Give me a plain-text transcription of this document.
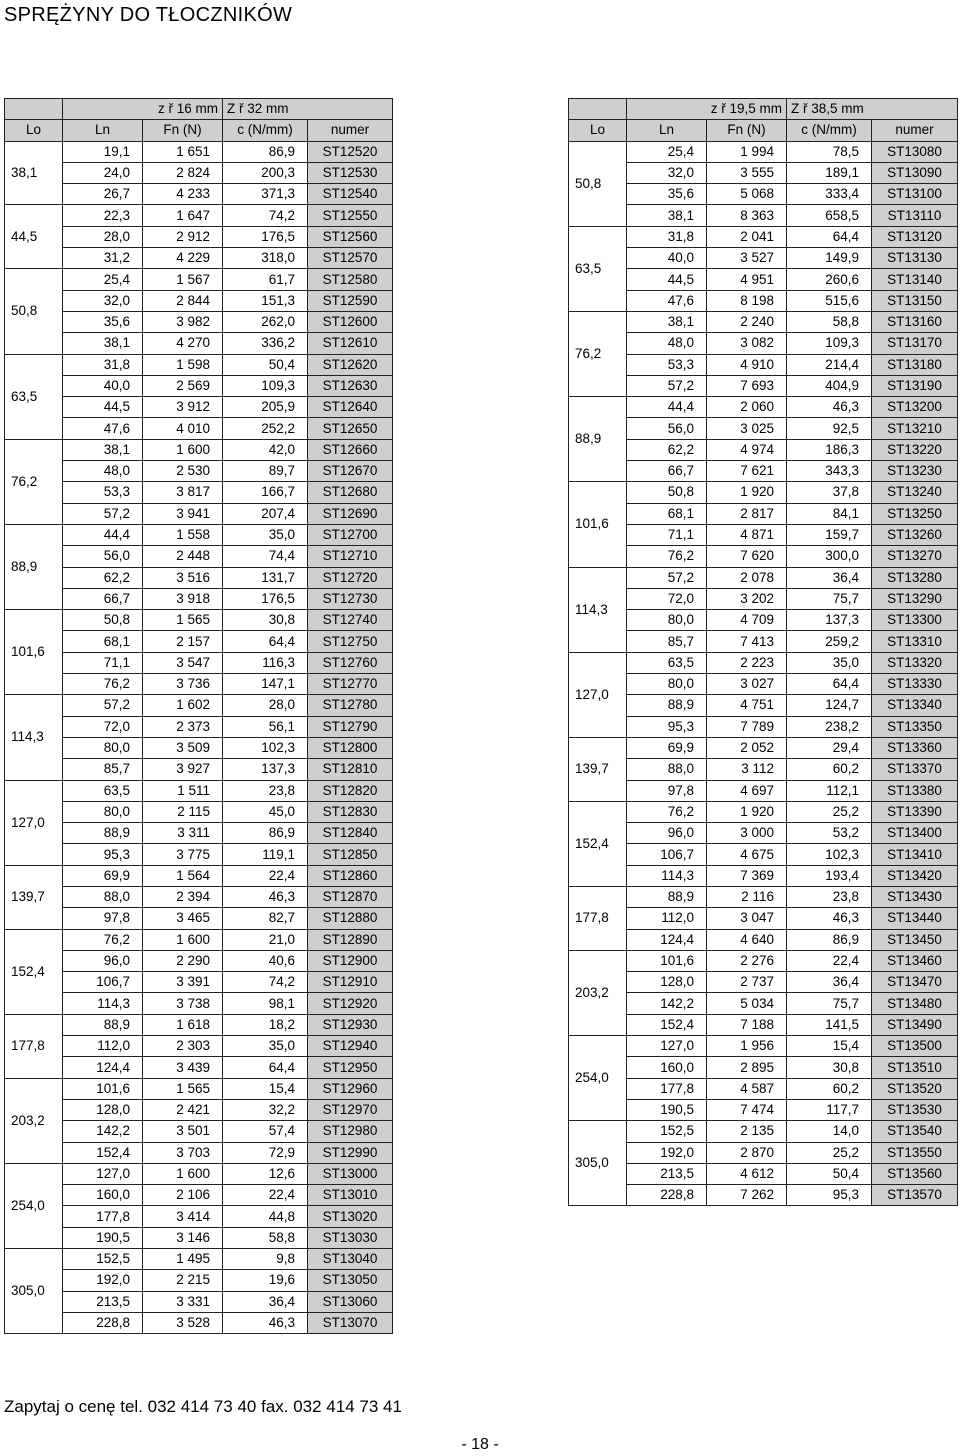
SPRĘŻYNY DO TŁOCZNIKÓW
	z ř 16 mm		Z ř 32 mm	
Lo	Ln	Fn (N)	c (N/mm)	numer
38,1	19,1	1 651	86,9	ST12520
	24,0	2 824	200,3	ST12530
	26,7	4 233	371,3	ST12540
44,5	22,3	1 647	74,2	ST12550
	28,0	2 912	176,5	ST12560
	31,2	4 229	318,0	ST12570
50,8	25,4	1 567	61,7	ST12580
	32,0	2 844	151,3	ST12590
	35,6	3 982	262,0	ST12600
	38,1	4 270	336,2	ST12610
63,5	31,8	1 598	50,4	ST12620
	40,0	2 569	109,3	ST12630
	44,5	3 912	205,9	ST12640
	47,6	4 010	252,2	ST12650
76,2	38,1	1 600	42,0	ST12660
	48,0	2 530	89,7	ST12670
	53,3	3 817	166,7	ST12680
	57,2	3 941	207,4	ST12690
88,9	44,4	1 558	35,0	ST12700
	56,0	2 448	74,4	ST12710
	62,2	3 516	131,7	ST12720
	66,7	3 918	176,5	ST12730
101,6	50,8	1 565	30,8	ST12740
	68,1	2 157	64,4	ST12750
	71,1	3 547	116,3	ST12760
	76,2	3 736	147,1	ST12770
114,3	57,2	1 602	28,0	ST12780
	72,0	2 373	56,1	ST12790
	80,0	3 509	102,3	ST12800
	85,7	3 927	137,3	ST12810
127,0	63,5	1 511	23,8	ST12820
	80,0	2 115	45,0	ST12830
	88,9	3 311	86,9	ST12840
	95,3	3 775	119,1	ST12850
139,7	69,9	1 564	22,4	ST12860
	88,0	2 394	46,3	ST12870
	97,8	3 465	82,7	ST12880
152,4	76,2	1 600	21,0	ST12890
	96,0	2 290	40,6	ST12900
	106,7	3 391	74,2	ST12910
	114,3	3 738	98,1	ST12920
177,8	88,9	1 618	18,2	ST12930
	112,0	2 303	35,0	ST12940
	124,4	3 439	64,4	ST12950
203,2	101,6	1 565	15,4	ST12960
	128,0	2 421	32,2	ST12970
	142,2	3 501	57,4	ST12980
	152,4	3 703	72,9	ST12990
254,0	127,0	1 600	12,6	ST13000
	160,0	2 106	22,4	ST13010
	177,8	3 414	44,8	ST13020
	190,5	3 146	58,8	ST13030
305,0	152,5	1 495	9,8	ST13040
	192,0	2 215	19,6	ST13050
	213,5	3 331	36,4	ST13060
	228,8	3 528	46,3	ST13070
	z ř 19,5 mm		Z ř 38,5 mm	
Lo	Ln	Fn (N)	c (N/mm)	numer
50,8	25,4	1 994	78,5	ST13080
	32,0	3 555	189,1	ST13090
	35,6	5 068	333,4	ST13100
	38,1	8 363	658,5	ST13110
63,5	31,8	2 041	64,4	ST13120
	40,0	3 527	149,9	ST13130
	44,5	4 951	260,6	ST13140
	47,6	8 198	515,6	ST13150
76,2	38,1	2 240	58,8	ST13160
	48,0	3 082	109,3	ST13170
	53,3	4 910	214,4	ST13180
	57,2	7 693	404,9	ST13190
88,9	44,4	2 060	46,3	ST13200
	56,0	3 025	92,5	ST13210
	62,2	4 974	186,3	ST13220
	66,7	7 621	343,3	ST13230
101,6	50,8	1 920	37,8	ST13240
	68,1	2 817	84,1	ST13250
	71,1	4 871	159,7	ST13260
	76,2	7 620	300,0	ST13270
114,3	57,2	2 078	36,4	ST13280
	72,0	3 202	75,7	ST13290
	80,0	4 709	137,3	ST13300
	85,7	7 413	259,2	ST13310
127,0	63,5	2 223	35,0	ST13320
	80,0	3 027	64,4	ST13330
	88,9	4 751	124,7	ST13340
	95,3	7 789	238,2	ST13350
139,7	69,9	2 052	29,4	ST13360
	88,0	3 112	60,2	ST13370
	97,8	4 697	112,1	ST13380
152,4	76,2	1 920	25,2	ST13390
	96,0	3 000	53,2	ST13400
	106,7	4 675	102,3	ST13410
	114,3	7 369	193,4	ST13420
177,8	88,9	2 116	23,8	ST13430
	112,0	3 047	46,3	ST13440
	124,4	4 640	86,9	ST13450
203,2	101,6	2 276	22,4	ST13460
	128,0	2 737	36,4	ST13470
	142,2	5 034	75,7	ST13480
	152,4	7 188	141,5	ST13490
254,0	127,0	1 956	15,4	ST13500
	160,0	2 895	30,8	ST13510
	177,8	4 587	60,2	ST13520
	190,5	7 474	117,7	ST13530
305,0	152,5	2 135	14,0	ST13540
	192,0	2 870	25,2	ST13550
	213,5	4 612	50,4	ST13560
	228,8	7 262	95,3	ST13570
Zapytaj o cenę tel. 032 414 73 40 fax. 032 414 73 41
- 18 -
